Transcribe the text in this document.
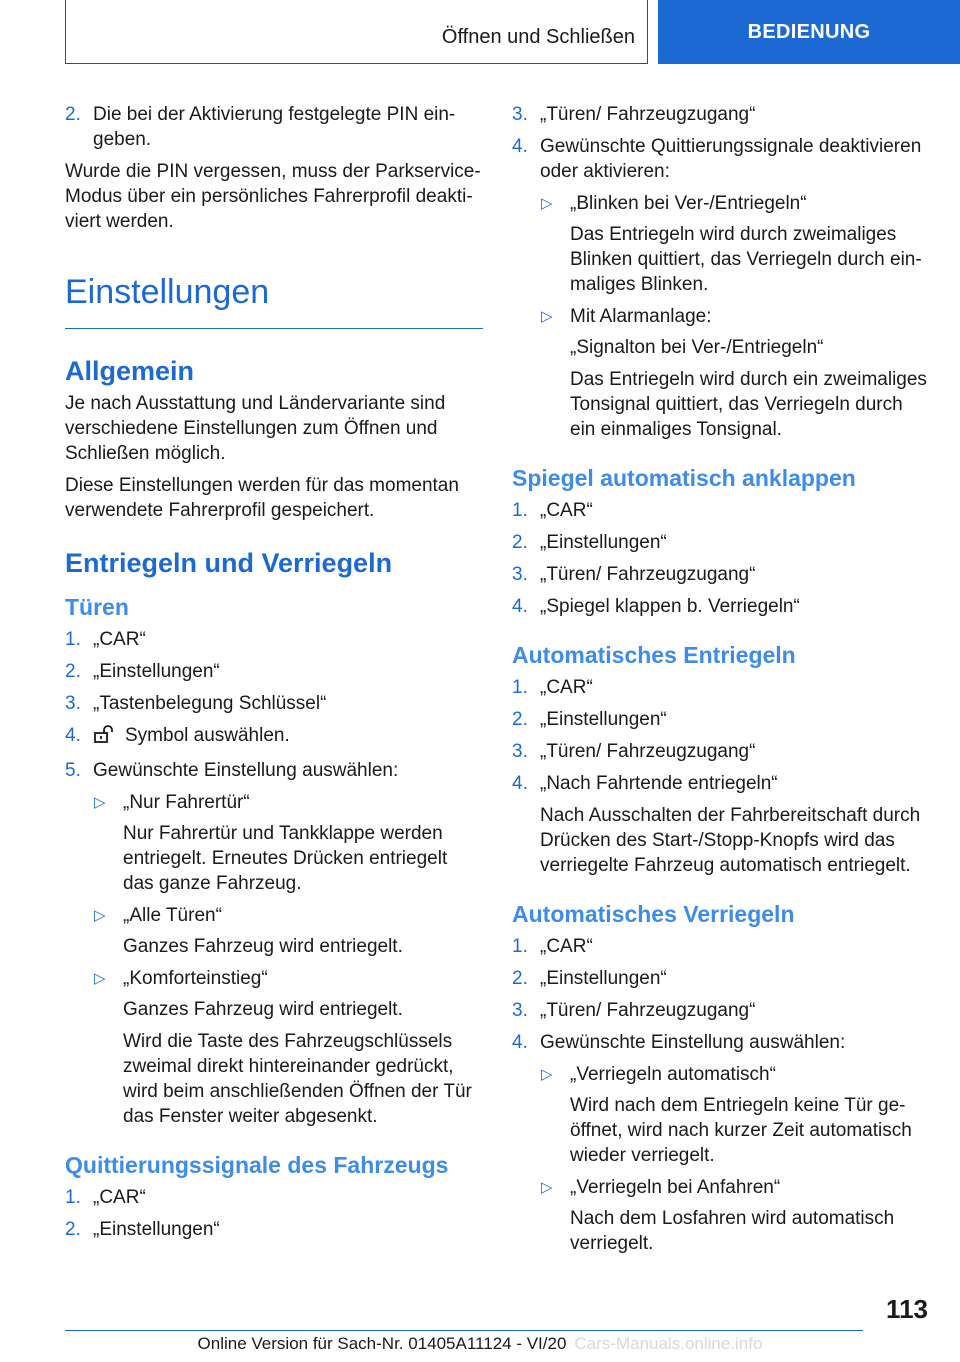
Öffnen und Schließen	BEDIENUNG
2. Die bei der Aktivierung festgelegte PIN ein-geben.

Wurde die PIN vergessen, muss der Parkservice-Modus über ein persönliches Fahrerprofil deakti-viert werden.

Einstellungen
Allgemein

Je nach Ausstattung und Ländervariante sind verschiedene Einstellungen zum Öffnen und Schließen möglich.

Diese Einstellungen werden für das momentan verwendete Fahrerprofil gespeichert.

Entriegeln und Verriegeln
Türen
1. „CAR“
2. „Einstellungen“
3. „Tastenbelegung Schlüssel“
4. Symbol auswählen.
5. Gewünschte Einstellung auswählen:
▷ „Nur Fahrertür“
Nur Fahrertür und Tankklappe werden entriegelt. Erneutes Drücken entriegelt das ganze Fahrzeug.
▷ „Alle Türen“
Ganzes Fahrzeug wird entriegelt.
▷ „Komforteinstieg“
Ganzes Fahrzeug wird entriegelt.
Wird die Taste des Fahrzeugschlüssels zweimal direkt hintereinander gedrückt, wird beim anschließenden Öffnen der Tür das Fenster weiter abgesenkt.
Quittierungssignale des Fahrzeugs
1. „CAR“
2. „Einstellungen“
3. „Türen/ Fahrzeugzugang“
4. Gewünschte Quittierungssignale deaktivieren oder aktivieren:
▷ „Blinken bei Ver-/Entriegeln“
Das Entriegeln wird durch zweimaliges Blinken quittiert, das Verriegeln durch ein-maliges Blinken.
▷ Mit Alarmanlage:
„Signalton bei Ver-/Entriegeln“
Das Entriegeln wird durch ein zweimaliges Tonsignal quittiert, das Verriegeln durch ein einmaliges Tonsignal.
Spiegel automatisch anklappen
1. „CAR“
2. „Einstellungen“
3. „Türen/ Fahrzeugzugang“
4. „Spiegel klappen b. Verriegeln“
Automatisches Entriegeln
1. „CAR“
2. „Einstellungen“
3. „Türen/ Fahrzeugzugang“
4. „Nach Fahrtende entriegeln“
Nach Ausschalten der Fahrbereitschaft durch Drücken des Start-/Stopp-Knopfs wird das verriegelte Fahrzeug automatisch entriegelt.
Automatisches Verriegeln
1. „CAR“
2. „Einstellungen“
3. „Türen/ Fahrzeugzugang“
4. Gewünschte Einstellung auswählen:
▷ „Verriegeln automatisch“
Wird nach dem Entriegeln keine Tür ge-öffnet, wird nach kurzer Zeit automatisch wieder verriegelt.
▷ „Verriegeln bei Anfahren“
Nach dem Losfahren wird automatisch verriegelt.
113
Online Version für Sach-Nr. 01405A11124 - VI/20 Cars-Manuals.online.info
